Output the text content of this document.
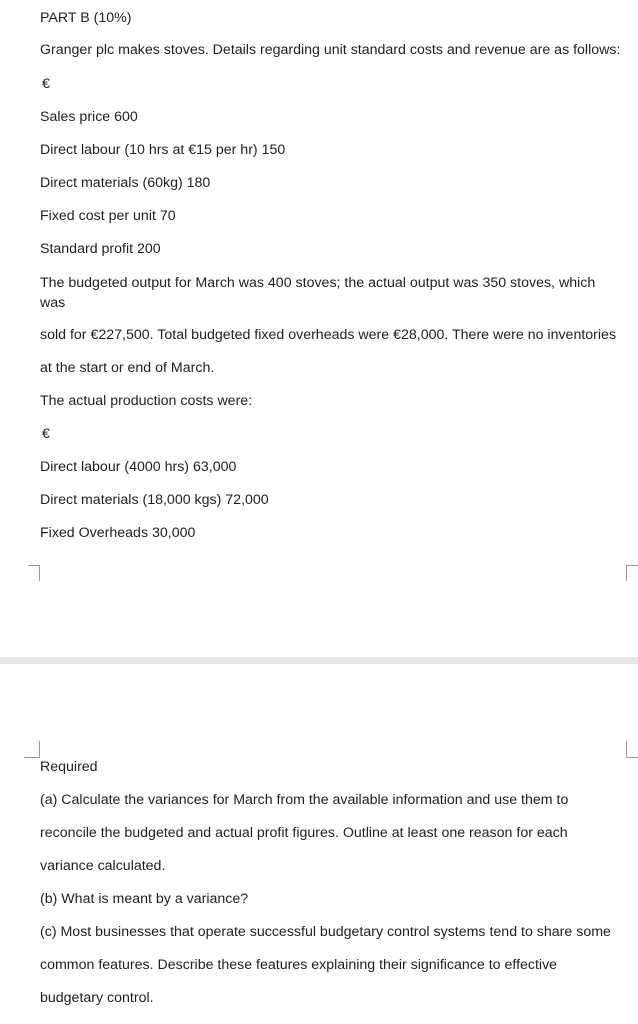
PART B (10%)
Granger plc makes stoves. Details regarding unit standard costs and revenue are as follows:
€
Sales price 600
Direct labour (10 hrs at €15 per hr) 150
Direct materials (60kg) 180
Fixed cost per unit 70
Standard profit 200
The budgeted output for March was 400 stoves; the actual output was 350 stoves, which was
sold for €227,500. Total budgeted fixed overheads were €28,000. There were no inventories
at the start or end of March.
The actual production costs were:
€
Direct labour (4000 hrs) 63,000
Direct materials (18,000 kgs) 72,000
Fixed Overheads 30,000
Required
(a) Calculate the variances for March from the available information and use them to
reconcile the budgeted and actual profit figures. Outline at least one reason for each
variance calculated.
(b) What is meant by a variance?
(c) Most businesses that operate successful budgetary control systems tend to share some
common features. Describe these features explaining their significance to effective
budgetary control.
